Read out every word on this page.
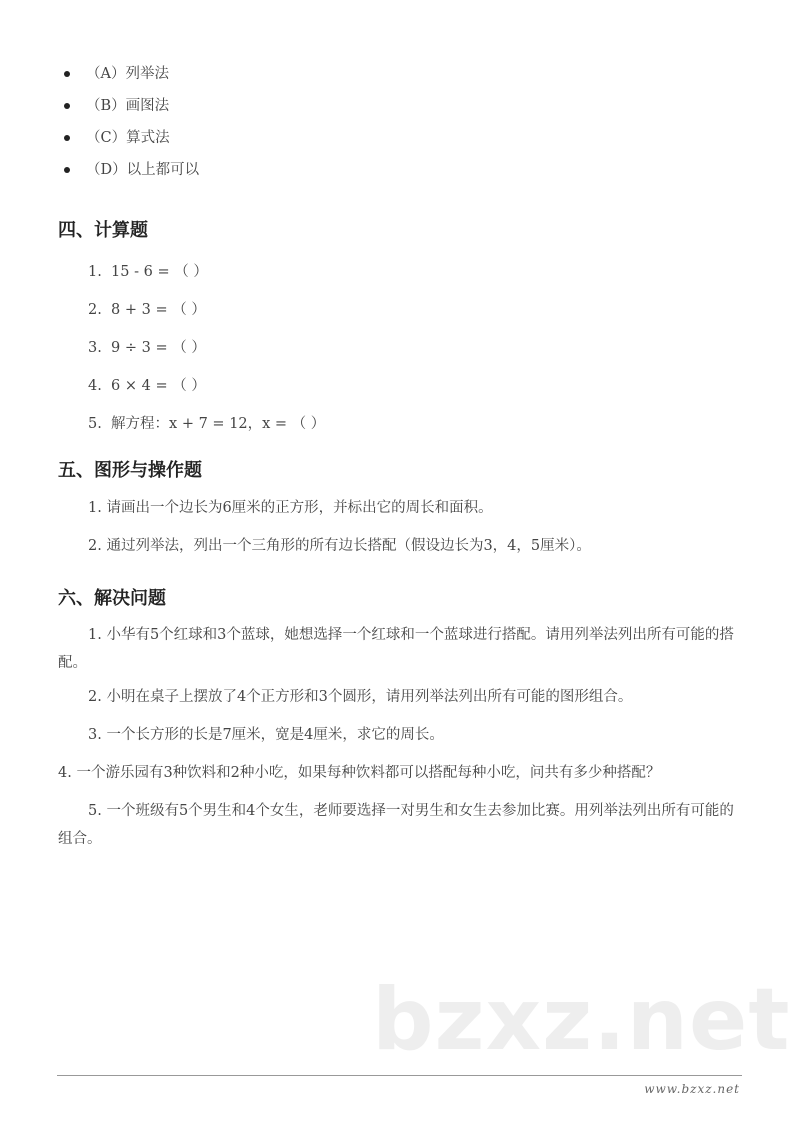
（A）列举法
（B）画图法
（C）算式法
（D）以上都可以
四、计算题
1.  15 - 6 = （ ）
2.  8 + 3 = （ ）
3.  9 ÷ 3 = （ ）
4.  6 × 4 = （ ）
5.  解方程：x + 7 = 12，x = （ ）
五、图形与操作题

1. 请画出一个边长为6厘米的正方形，并标出它的周长和面积。

2. 通过列举法，列出一个三角形的所有边长搭配（假设边长为3，4，5厘米）。

六、解决问题

1. 小华有5个红球和3个蓝球，她想选择一个红球和一个蓝球进行搭配。请用列举法列出所有可能的搭配。

2. 小明在桌子上摆放了4个正方形和3个圆形，请用列举法列出所有可能的图形组合。

3. 一个长方形的长是7厘米，宽是4厘米，求它的周长。

4. 一个游乐园有3种饮料和2种小吃，如果每种饮料都可以搭配每种小吃，问共有多少种搭配？

5. 一个班级有5个男生和4个女生，老师要选择一对男生和女生去参加比赛。用列举法列出所有可能的组合。

bzxz.net
www.bzxz.net
